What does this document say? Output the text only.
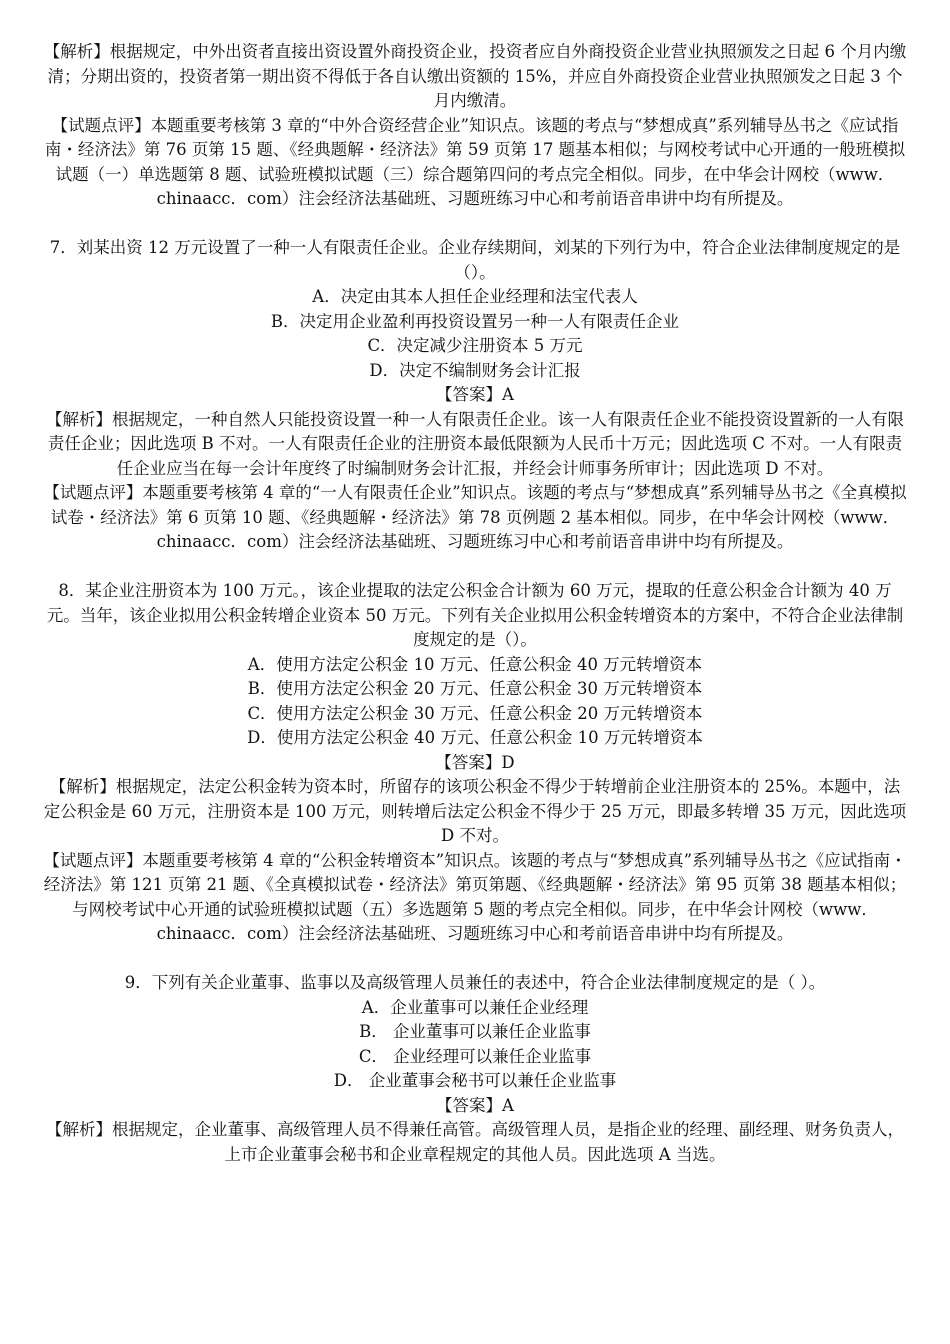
【解析】根据规定，中外出资者直接出资设置外商投资企业，投资者应自外商投资企业营业执照颁发之日起 6 个月内缴清；分期出资的，投资者第一期出资不得低于各自认缴出资额的 15%，并应自外商投资企业营业执照颁发之日起 3 个月内缴清。

【试题点评】本题重要考核第 3 章的“中外合资经营企业”知识点。该题的考点与“梦想成真”系列辅导丛书之《应试指南・经济法》第 76 页第 15 题、《经典题解・经济法》第 59 页第 17 题基本相似；与网校考试中心开通的一般班模拟试题（一）单选题第 8 题、试验班模拟试题（三）综合题第四问的考点完全相似。同步，在中华会计网校（www．chinaacc．com）注会经济法基础班、习题班练习中心和考前语音串讲中均有所提及。

7．刘某出资 12 万元设置了一种一人有限责任企业。企业存续期间，刘某的下列行为中，符合企业法律制度规定的是（）。

A．决定由其本人担任企业经理和法宝代表人

B．决定用企业盈利再投资设置另一种一人有限责任企业

C．决定减少注册资本 5 万元

D．决定不编制财务会计汇报

【答案】A

【解析】根据规定，一种自然人只能投资设置一种一人有限责任企业。该一人有限责任企业不能投资设置新的一人有限责任企业；因此选项 B 不对。一人有限责任企业的注册资本最低限额为人民币十万元；因此选项 C 不对。一人有限责任企业应当在每一会计年度终了时编制财务会计汇报，并经会计师事务所审计；因此选项 D 不对。

【试题点评】本题重要考核第 4 章的“一人有限责任企业”知识点。该题的考点与“梦想成真”系列辅导丛书之《全真模拟试卷・经济法》第 6 页第 10 题、《经典题解・经济法》第 78 页例题 2 基本相似。同步，在中华会计网校（www．chinaacc．com）注会经济法基础班、习题班练习中心和考前语音串讲中均有所提及。

8．某企业注册资本为 100 万元。，该企业提取的法定公积金合计额为 60 万元，提取的任意公积金合计额为 40 万元。当年，该企业拟用公积金转增企业资本 50 万元。下列有关企业拟用公积金转增资本的方案中，不符合企业法律制度规定的是（）。

A．使用方法定公积金 10 万元、任意公积金 40 万元转增资本

B．使用方法定公积金 20 万元、任意公积金 30 万元转增资本

C．使用方法定公积金 30 万元、任意公积金 20 万元转增资本

D．使用方法定公积金 40 万元、任意公积金 10 万元转增资本

【答案】D

【解析】根据规定，法定公积金转为资本时，所留存的该项公积金不得少于转增前企业注册资本的 25%。本题中，法定公积金是 60 万元，注册资本是 100 万元，则转增后法定公积金不得少于 25 万元，即最多转增 35 万元，因此选项 D 不对。

【试题点评】本题重要考核第 4 章的“公积金转增资本”知识点。该题的考点与“梦想成真”系列辅导丛书之《应试指南・经济法》第 121 页第 21 题、《全真模拟试卷・经济法》第页第题、《经典题解・经济法》第 95 页第 38 题基本相似；与网校考试中心开通的试验班模拟试题（五）多选题第 5 题的考点完全相似。同步，在中华会计网校（www．chinaacc．com）注会经济法基础班、习题班练习中心和考前语音串讲中均有所提及。

9．下列有关企业董事、监事以及高级管理人员兼任的表述中，符合企业法律制度规定的是（ ）。

A．企业董事可以兼任企业经理

B． 企业董事可以兼任企业监事

C． 企业经理可以兼任企业监事

D． 企业董事会秘书可以兼任企业监事

【答案】A

【解析】根据规定，企业董事、高级管理人员不得兼任高管。高级管理人员，是指企业的经理、副经理、财务负责人，上市企业董事会秘书和企业章程规定的其他人员。因此选项 A 当选。
